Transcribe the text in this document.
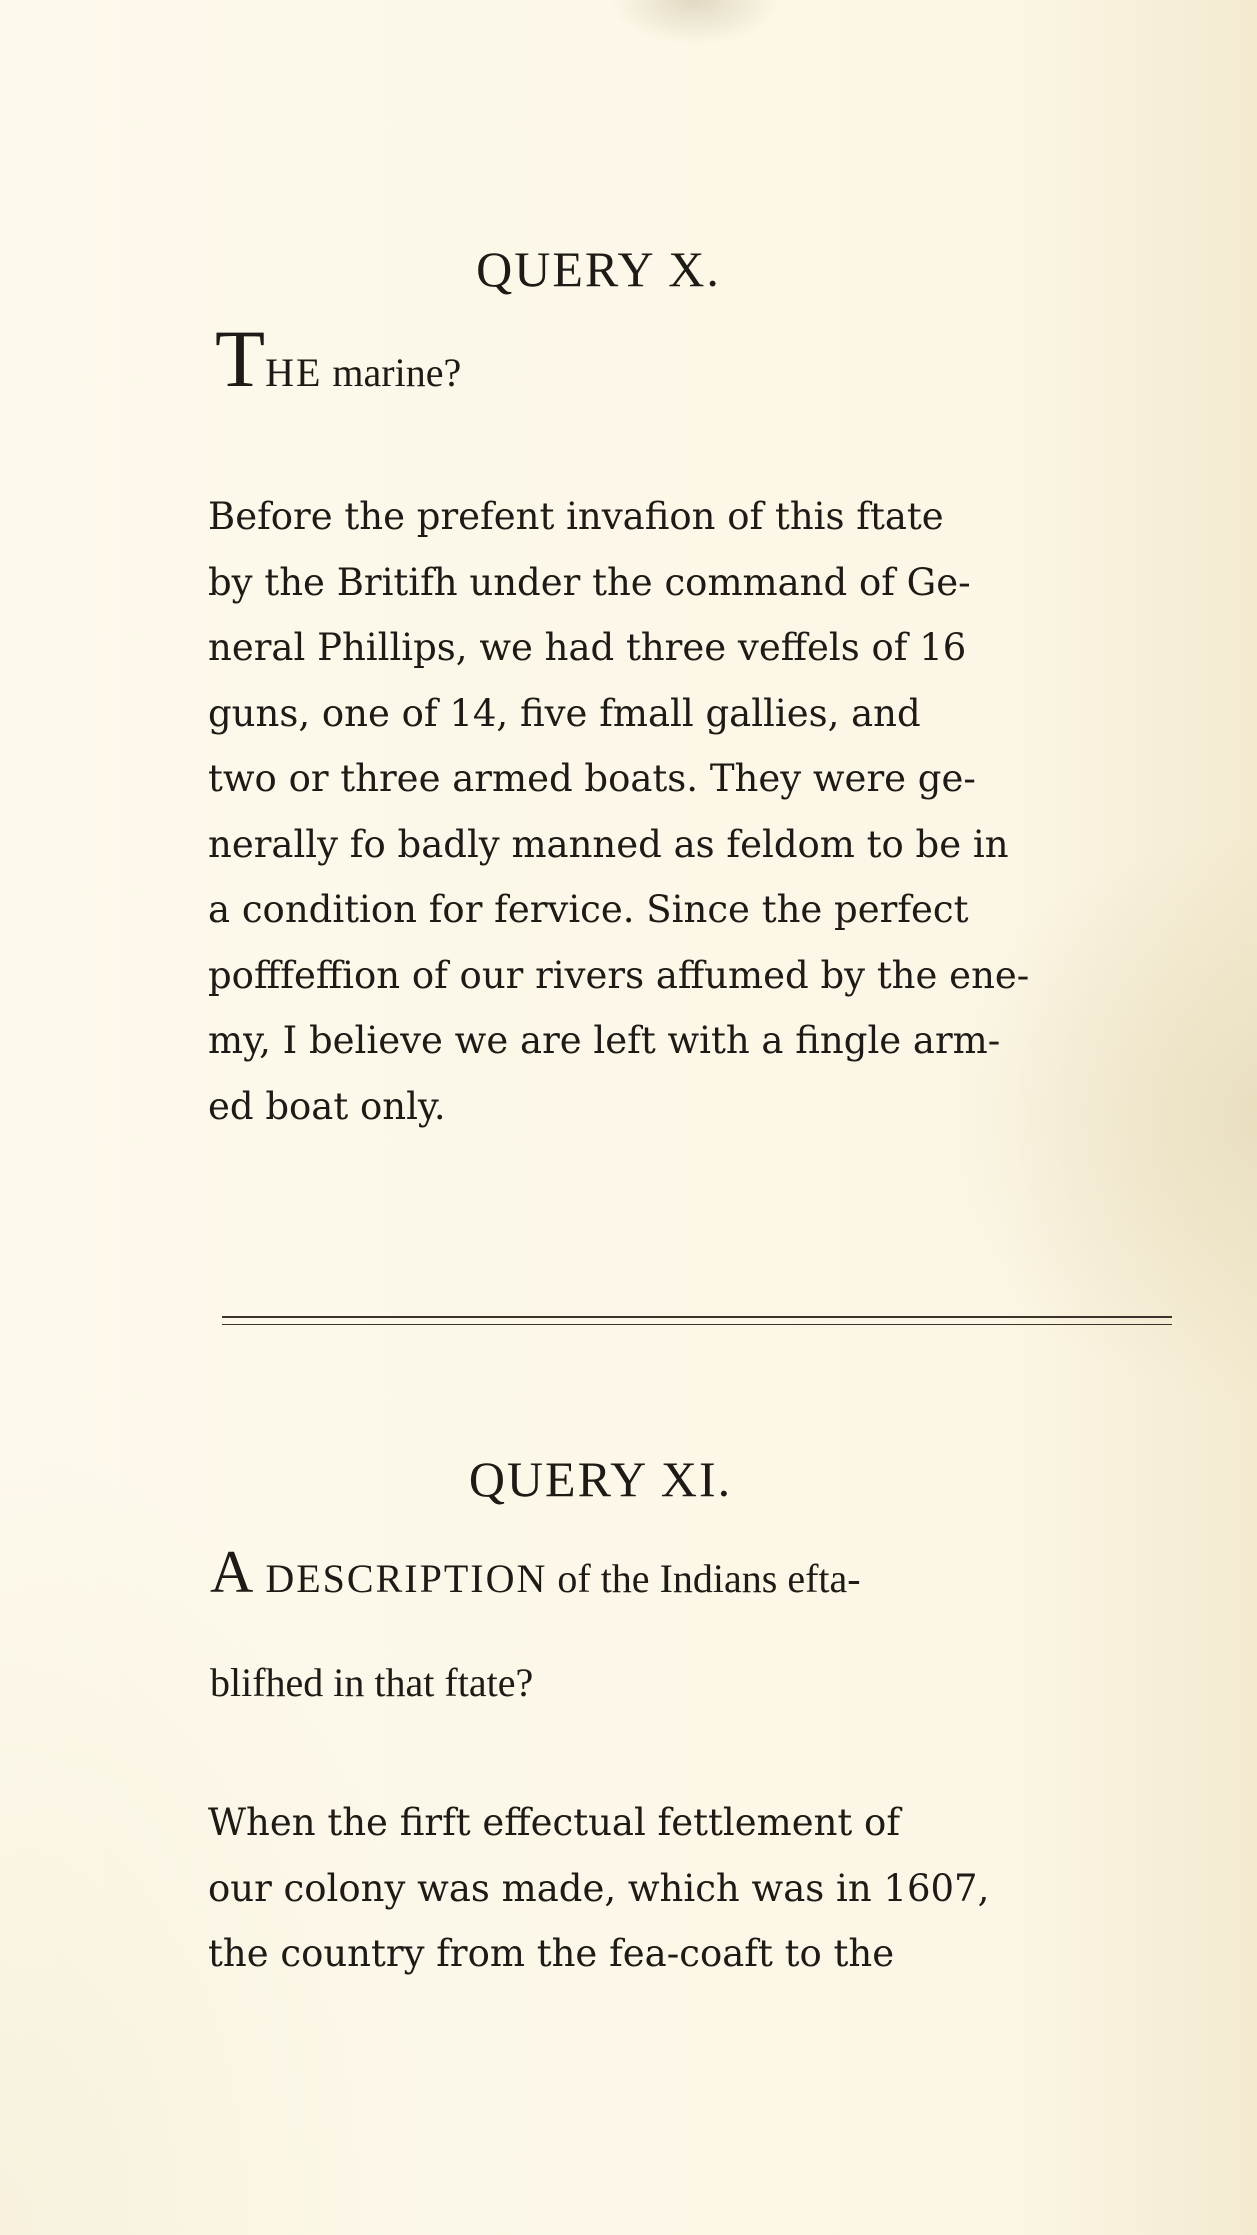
QUERY X.

THE marine?

Before the prefent invafion of this ftate
by the Britifh under the command of Ge-
neral Phillips, we had three veffels of 16
guns, one of 14, five fmall gallies, and
two or three armed boats. They were ge-
nerally fo badly manned as feldom to be in
a condition for fervice. Since the perfect
pofffeffion of our rivers affumed by the ene-
my, I believe we are left with a fingle arm-
ed boat only.
QUERY XI.

A DESCRIPTION of the Indians efta-

blifhed in that ftate?

When the firft effectual fettlement of
our colony was made, which was in 1607,
the country from the fea-coaft to the
